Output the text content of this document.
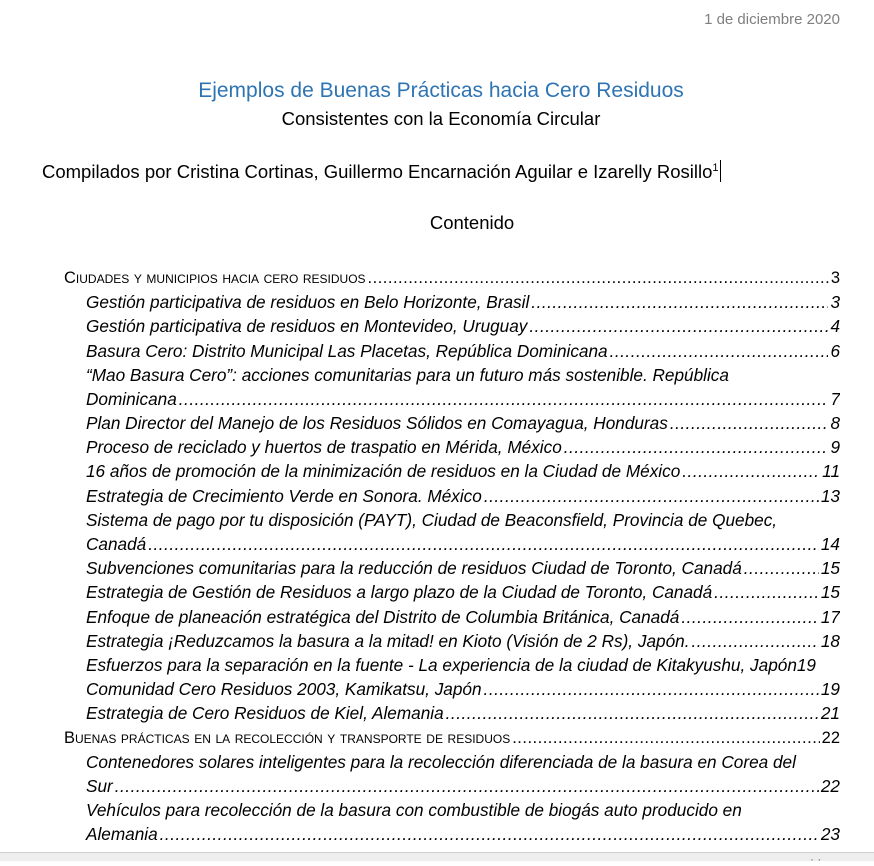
1 de diciembre 2020
Ejemplos de Buenas Prácticas hacia Cero Residuos
Consistentes con la Economía Circular
Compilados por Cristina Cortinas, Guillermo Encarnación Aguilar e Izarelly Rosillo$^1$
Contenido
Ciudades y municipios hacia cero residuos .....	3
Gestión participativa de residuos en Belo Horizonte, Brasil .....	3
Gestión participativa de residuos en Montevideo, Uruguay .....	4
Basura Cero: Distrito Municipal Las Placetas, República Dominicana .....	6
“Mao Basura Cero”: acciones comunitarias para un futuro más sostenible. República
Dominicana .....	7
Plan Director del Manejo de los Residuos Sólidos en Comayagua, Honduras .....	8
Proceso de reciclado y huertos de traspatio en Mérida, México .....	9
16 años de promoción de la minimización de residuos en la Ciudad de México .....	11
Estrategia de Crecimiento Verde en Sonora. México .....	13
Sistema de pago por tu disposición (PAYT), Ciudad de Beaconsfield, Provincia de Quebec,
Canadá .....	14
Subvenciones comunitarias para la reducción de residuos Ciudad de Toronto, Canadá .....	15
Estrategia de Gestión de Residuos a largo plazo de la Ciudad de Toronto, Canadá .....	15
Enfoque de planeación estratégica del Distrito de Columbia Británica, Canadá .....	17
Estrategia ¡Reduzcamos la basura a la mitad! en Kioto (Visión de 2 Rs), Japón. .....	18
Esfuerzos para la separación en la fuente - La experiencia de la ciudad de Kitakyushu, Japón 19
Comunidad Cero Residuos 2003, Kamikatsu, Japón .....	19
Estrategia de Cero Residuos de Kiel, Alemania .....	21
Buenas prácticas en la recolección y transporte de residuos .....	22
Contenedores solares inteligentes para la recolección diferenciada de la basura en Corea del
Sur .....	22
Vehículos para recolección de la basura con combustible de biogás auto producido en
Alemania .....	23
· ·
